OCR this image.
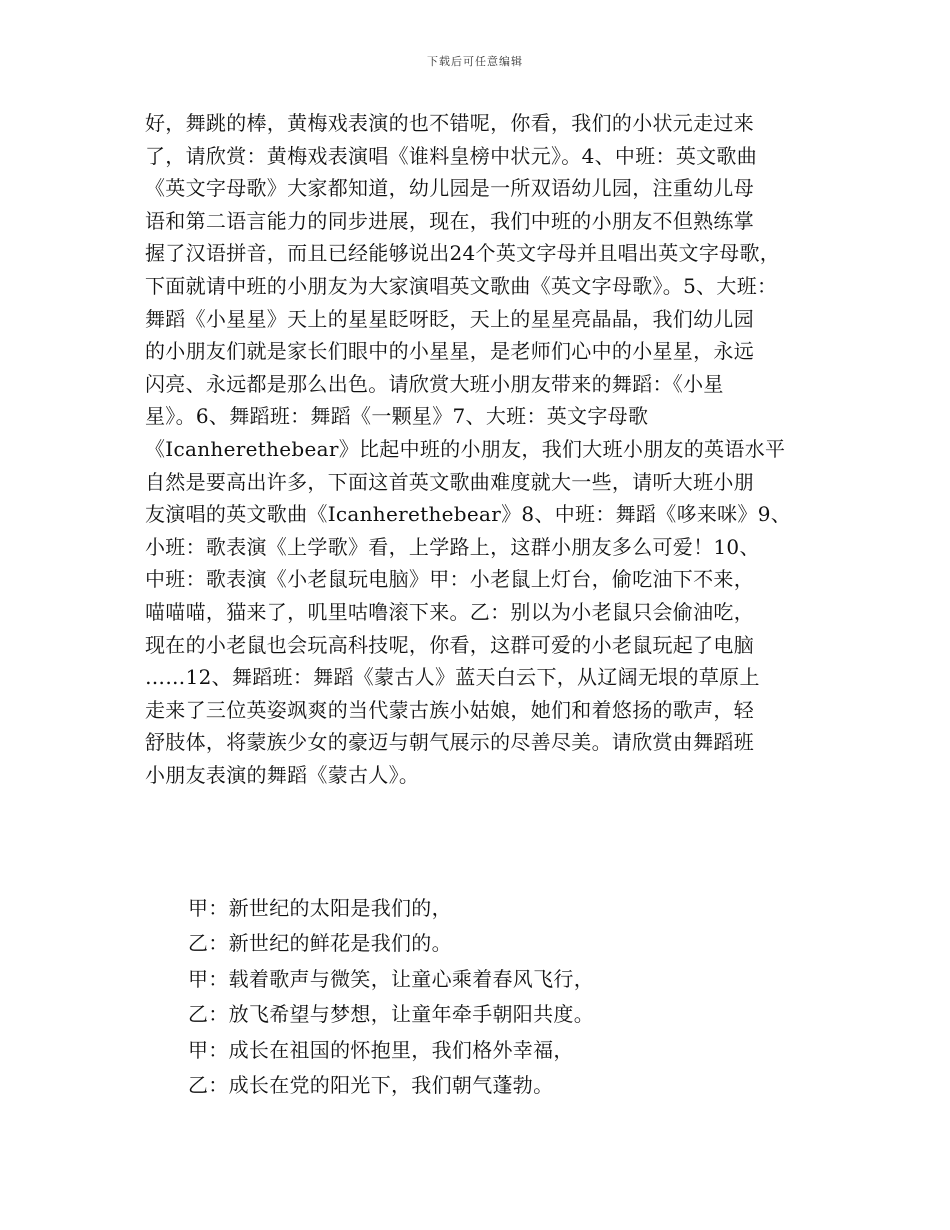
下载后可任意编辑
好，舞跳的棒，黄梅戏表演的也不错呢，你看，我们的小状元走过来
了，请欣赏：黄梅戏表演唱《谁料皇榜中状元》。4、中班：英文歌曲
《英文字母歌》大家都知道，幼儿园是一所双语幼儿园，注重幼儿母
语和第二语言能力的同步进展，现在，我们中班的小朋友不但熟练掌
握了汉语拼音，而且已经能够说出24个英文字母并且唱出英文字母歌，
下面就请中班的小朋友为大家演唱英文歌曲《英文字母歌》。5、大班：
舞蹈《小星星》天上的星星眨呀眨，天上的星星亮晶晶，我们幼儿园
的小朋友们就是家长们眼中的小星星，是老师们心中的小星星，永远
闪亮、永远都是那么出色。请欣赏大班小朋友带来的舞蹈：《小星
星》。6、舞蹈班：舞蹈《一颗星》7、大班：英文字母歌
《Icanherethebear》比起中班的小朋友，我们大班小朋友的英语水平
自然是要高出许多，下面这首英文歌曲难度就大一些，请听大班小朋
友演唱的英文歌曲《Icanherethebear》8、中班：舞蹈《哆来咪》9、
小班：歌表演《上学歌》看，上学路上，这群小朋友多么可爱！10、
中班：歌表演《小老鼠玩电脑》甲：小老鼠上灯台，偷吃油下不来，
喵喵喵，猫来了，叽里咕噜滚下来。乙：别以为小老鼠只会偷油吃，
现在的小老鼠也会玩高科技呢，你看，这群可爱的小老鼠玩起了电脑
……12、舞蹈班：舞蹈《蒙古人》蓝天白云下，从辽阔无垠的草原上
走来了三位英姿飒爽的当代蒙古族小姑娘，她们和着悠扬的歌声，轻
舒肢体，将蒙族少女的豪迈与朝气展示的尽善尽美。请欣赏由舞蹈班
小朋友表演的舞蹈《蒙古人》。
甲：新世纪的太阳是我们的，
乙：新世纪的鲜花是我们的。
甲：载着歌声与微笑，让童心乘着春风飞行，
乙：放飞希望与梦想，让童年牵手朝阳共度。
甲：成长在祖国的怀抱里，我们格外幸福，
乙：成长在党的阳光下，我们朝气蓬勃。
